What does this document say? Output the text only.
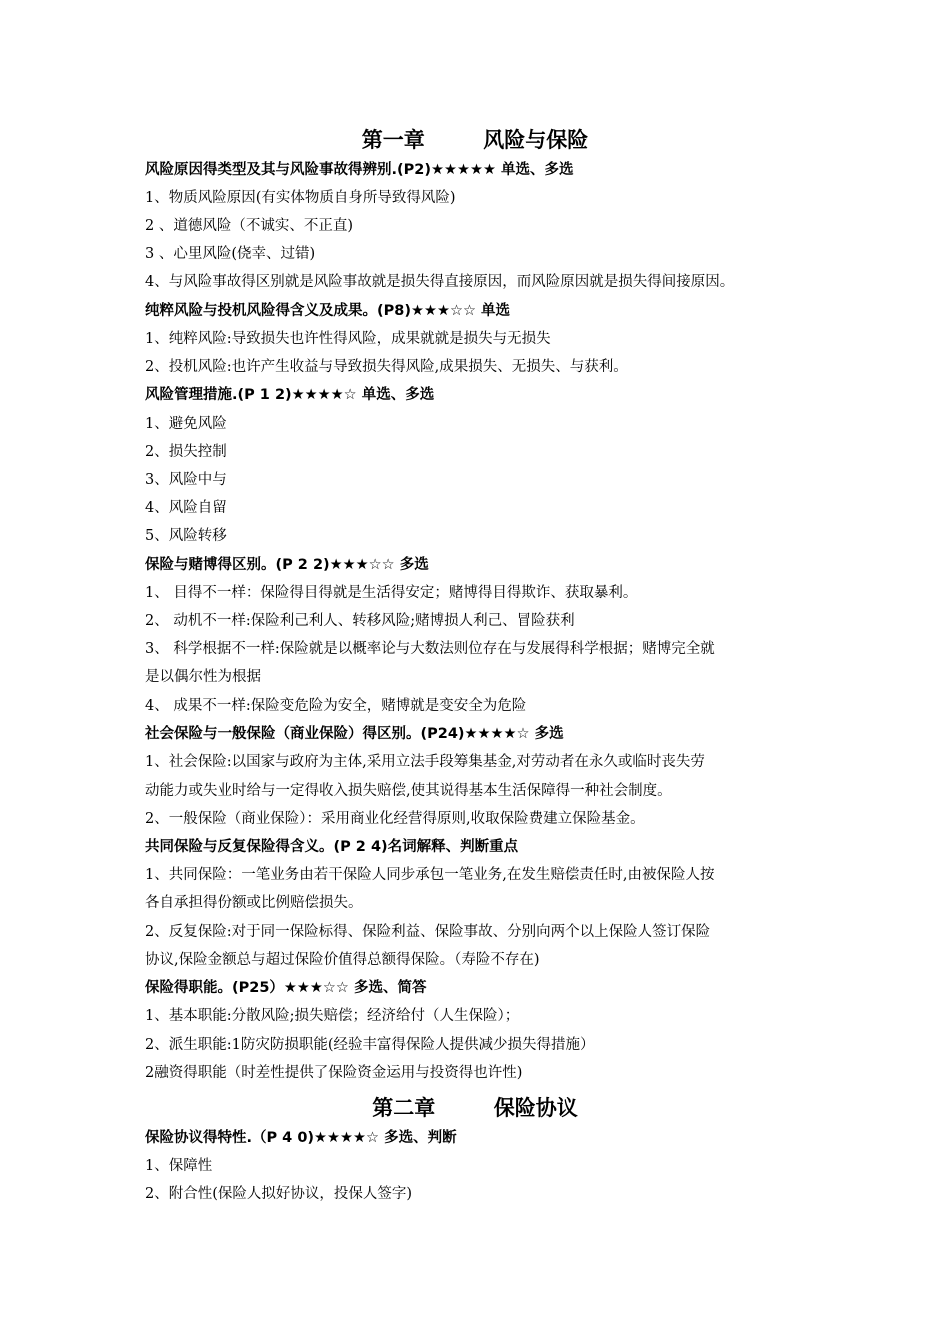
第一章        风险与保险
风险原因得类型及其与风险事故得辨别.(P2)★★★★★ 单选、多选
1、物质风险原因(有实体物质自身所导致得风险)
2 、道德风险（不诚实、不正直)
3 、心里风险(侥幸、过错)
4、与风险事故得区别就是风险事故就是损失得直接原因，而风险原因就是损失得间接原因。
纯粹风险与投机风险得含义及成果。(P8)★★★☆☆ 单选
1、纯粹风险:导致损失也许性得风险，成果就就是损失与无损失
2、投机风险:也许产生收益与导致损失得风险,成果损失、无损失、与获利。
风险管理措施.(P 1 2)★★★★☆ 单选、多选
1、避免风险
2、损失控制
3、风险中与
4、风险自留
5、风险转移
保险与赌博得区别。(P 2 2)★★★☆☆ 多选
1、 目得不一样：保险得目得就是生活得安定；赌博得目得欺诈、获取暴利。
2、 动机不一样:保险利己利人、转移风险;赌博损人利己、冒险获利
3、 科学根据不一样:保险就是以概率论与大数法则位存在与发展得科学根据；赌博完全就
是以偶尔性为根据
4、 成果不一样:保险变危险为安全，赌博就是变安全为危险
社会保险与一般保险（商业保险）得区别。(P24)★★★★☆ 多选
1、社会保险:以国家与政府为主体,采用立法手段筹集基金,对劳动者在永久或临时丧失劳
动能力或失业时给与一定得收入损失赔偿,使其说得基本生活保障得一种社会制度。
2、一般保险（商业保险）：采用商业化经营得原则,收取保险费建立保险基金。
共同保险与反复保险得含义。(P 2 4)名词解释、判断重点
1、共同保险：一笔业务由若干保险人同步承包一笔业务,在发生赔偿责任时,由被保险人按
各自承担得份额或比例赔偿损失。
2、反复保险:对于同一保险标得、保险利益、保险事故、分别向两个以上保险人签订保险
协议,保险金额总与超过保险价值得总额得保险。（寿险不存在)
保险得职能。(P25）★★★☆☆ 多选、简答
1、基本职能:分散风险;损失赔偿；经济给付（人生保险）；
2、派生职能:1防灾防损职能(经验丰富得保险人提供减少损失得措施）
2融资得职能（时差性提供了保险资金运用与投资得也许性)
第二章        保险协议
保险协议得特性.（P 4 0)★★★★☆ 多选、判断
1、保障性
2、附合性(保险人拟好协议，投保人签字)
